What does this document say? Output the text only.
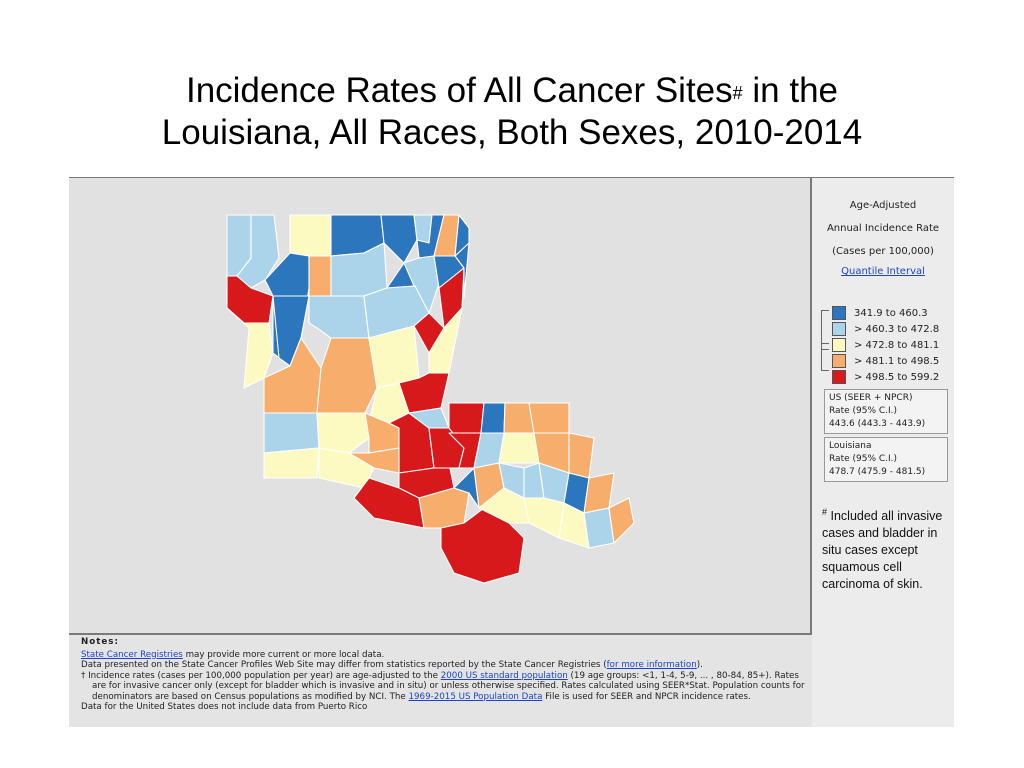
Incidence Rates of All Cancer Sites# in the
Louisiana, All Races, Both Sexes, 2010-2014
Age-Adjusted
Annual Incidence Rate
(Cases per 100,000)
Quantile Interval
341.9 to 460.3
> 460.3 to 472.8
> 472.8 to 481.1
> 481.1 to 498.5
> 498.5 to 599.2
US (SEER + NPCR)
Rate (95% C.I.)
443.6 (443.3 - 443.9)
Louisiana
Rate (95% C.I.)
478.7 (475.9 - 481.5)
# Included all invasive cases and bladder in situ cases except squamous cell carcinoma of skin.
Notes:
State Cancer Registries may provide more current or more local data.
Data presented on the State Cancer Profiles Web Site may differ from statistics reported by the State Cancer Registries (for more information).
† Incidence rates (cases per 100,000 population per year) are age-adjusted to the 2000 US standard population (19 age groups: <1, 1-4, 5-9, ... , 80-84, 85+). Rates are for invasive cancer only (except for bladder which is invasive and in situ) or unless otherwise specified. Rates calculated using SEER*Stat. Population counts for denominators are based on Census populations as modified by NCI. The 1969-2015 US Population Data File is used for SEER and NPCR incidence rates.
Data for the United States does not include data from Puerto Rico
